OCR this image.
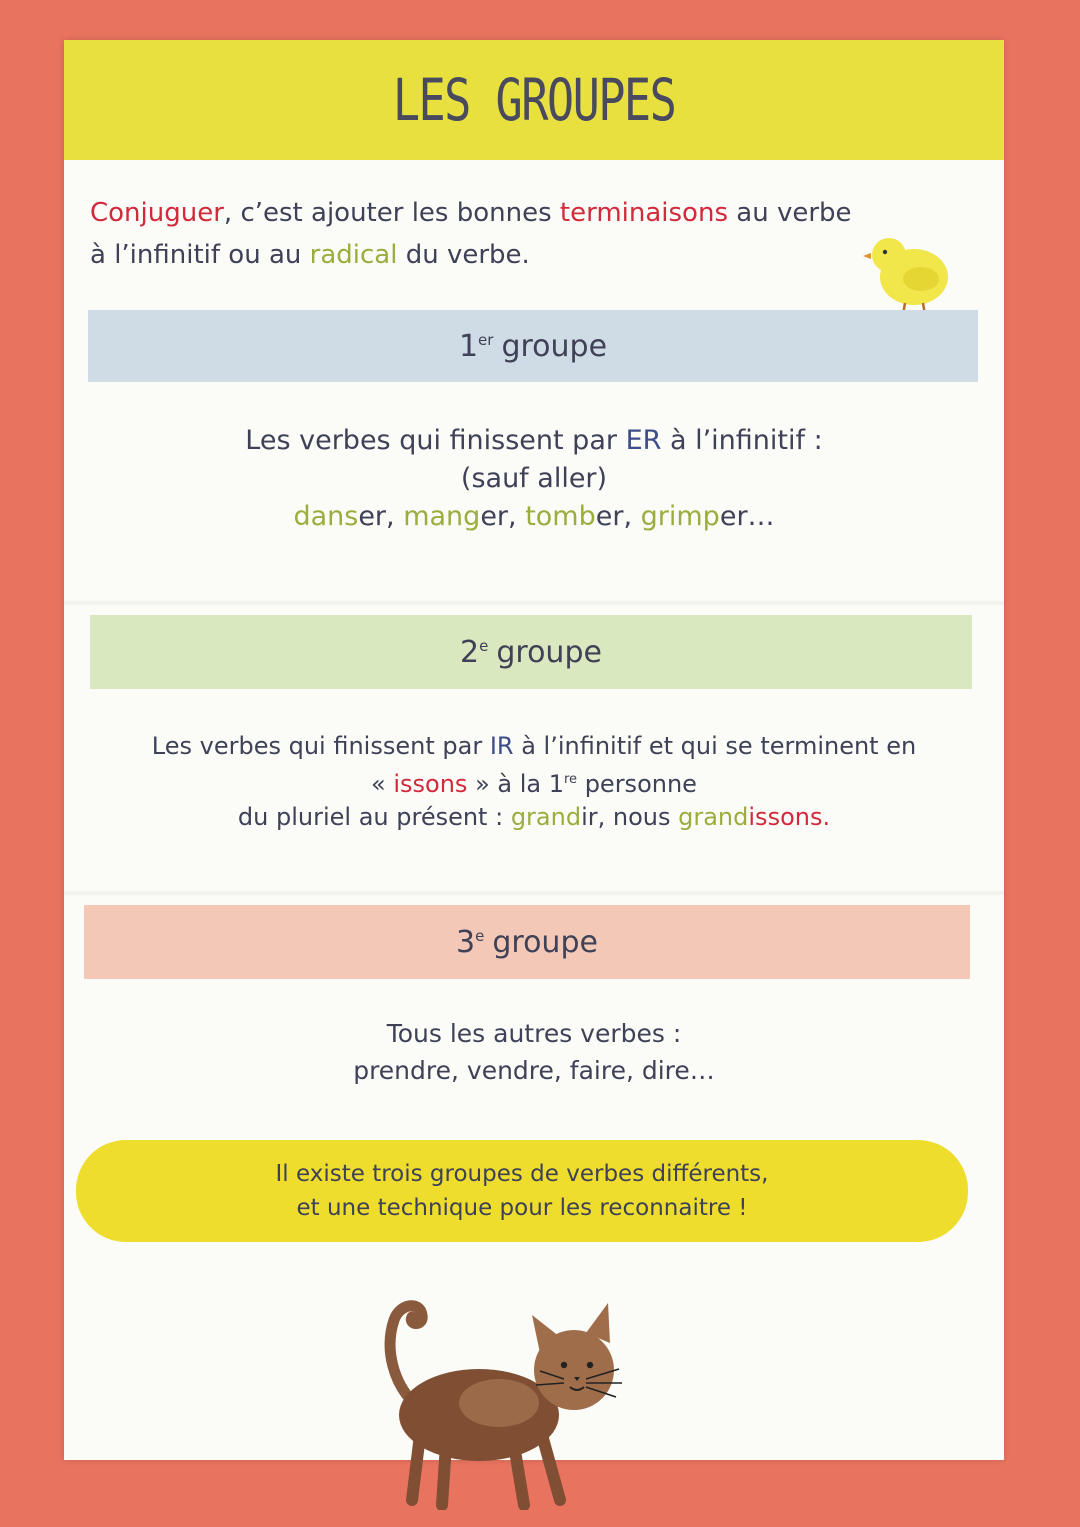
LES GROUPES
Conjuguer, c’est ajouter les bonnes terminaisons au verbe
à l’infinitif ou au radical du verbe.
1er groupe
Les verbes qui finissent par ER à l’infinitif :
(sauf aller)
danser, manger, tomber, grimper…
2e groupe
Les verbes qui finissent par IR à l’infinitif et qui se terminent en
« issons » à la 1re personne
du pluriel au présent : grandir, nous grandissons.
3e groupe
Tous les autres verbes :
prendre, vendre, faire, dire…
Il existe trois groupes de verbes différents,
et une technique pour les reconnaitre !
